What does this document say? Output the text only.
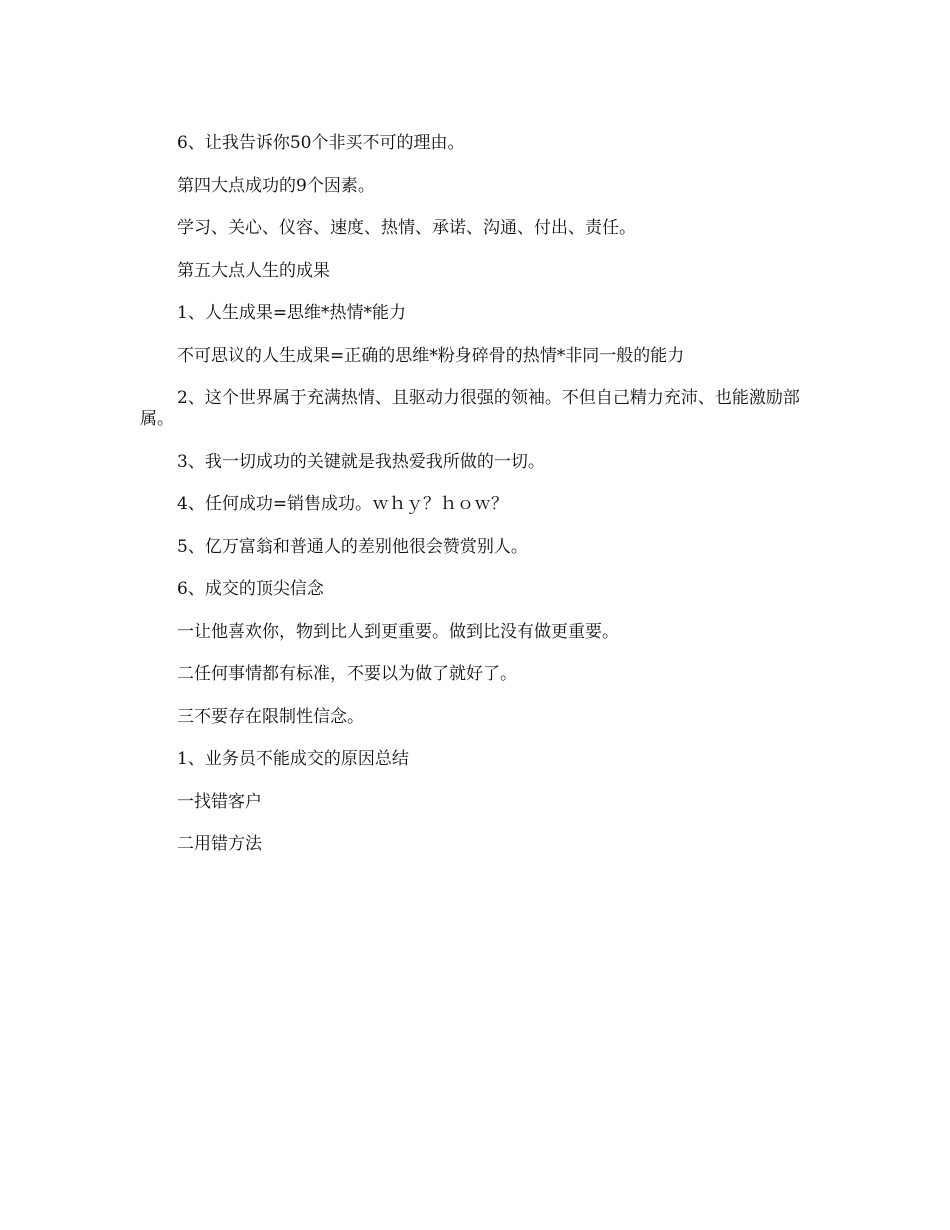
6、让我告诉你50个非买不可的理由。

第四大点成功的9个因素。

学习、关心、仪容、速度、热情、承诺、沟通、付出、责任。

第五大点人生的成果

1、人生成果=思维*热情*能力

不可思议的人生成果=正确的思维*粉身碎骨的热情*非同一般的能力

2、这个世界属于充满热情、且驱动力很强的领袖。不但自己精力充沛、也能激励部属。

3、我一切成功的关键就是我热爱我所做的一切。

4、任何成功=销售成功。ｗｈｙ？ｈｏｗ？

5、亿万富翁和普通人的差别他很会赞赏别人。

6、成交的顶尖信念

一让他喜欢你，物到比人到更重要。做到比没有做更重要。

二任何事情都有标准，不要以为做了就好了。

三不要存在限制性信念。

1、业务员不能成交的原因总结

一找错客户

二用错方法
